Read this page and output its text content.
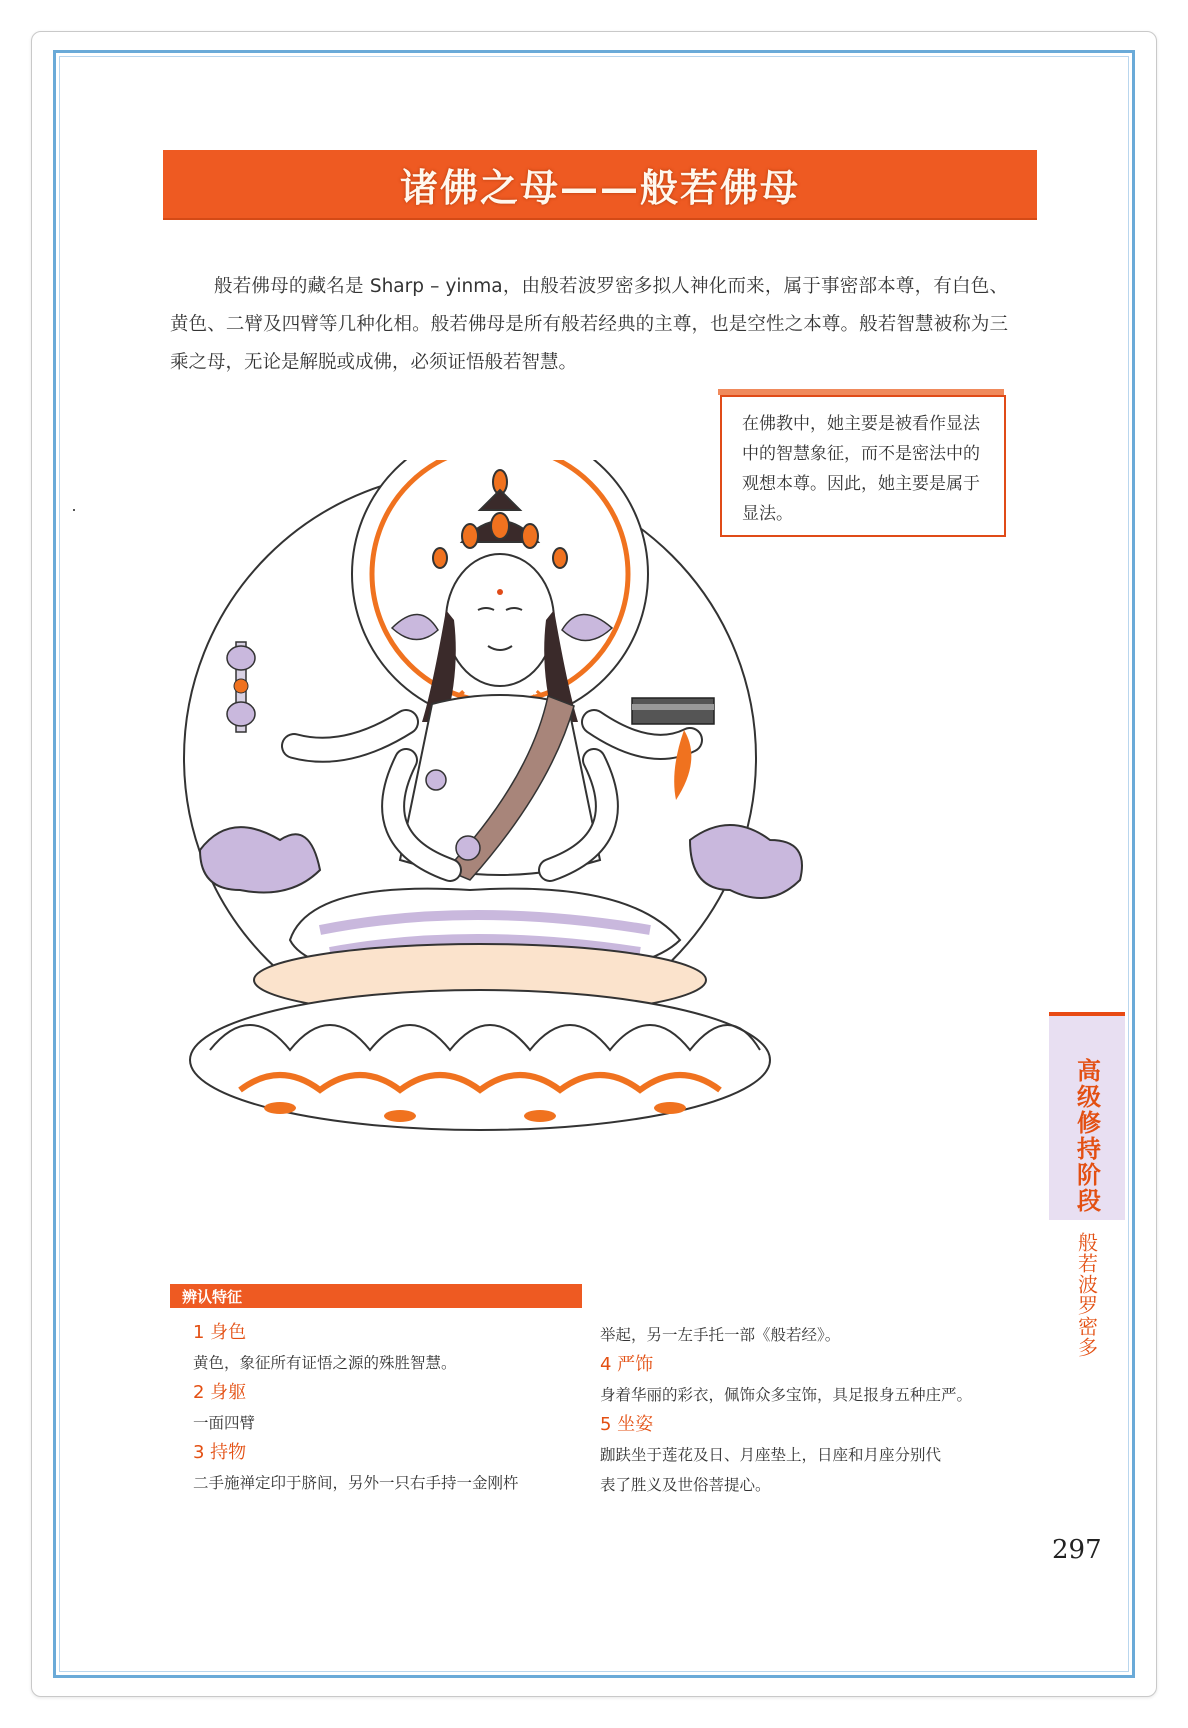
诸佛之母——般若佛母

般若佛母的藏名是 Sharp – yinma，由般若波罗密多拟人神化而来，属于事密部本尊，有白色、黄色、二臂及四臂等几种化相。般若佛母是所有般若经典的主尊，也是空性之本尊。般若智慧被称为三乘之母，无论是解脱或成佛，必须证悟般若智慧。

在佛教中，她主要是被看作显法中的智慧象征，而不是密法中的观想本尊。因此，她主要是属于显法。
高级修持阶段
般若波罗密多
辨认特征
1 身色
黄色，象征所有证悟之源的殊胜智慧。
2 身躯
一面四臂
3 持物
二手施禅定印于脐间，另外一只右手持一金刚杵
举起，另一左手托一部《般若经》。
4 严饰
身着华丽的彩衣，佩饰众多宝饰，具足报身五种庄严。
5 坐姿
跏趺坐于莲花及日、月座垫上，日座和月座分别代
表了胜义及世俗菩提心。
297
